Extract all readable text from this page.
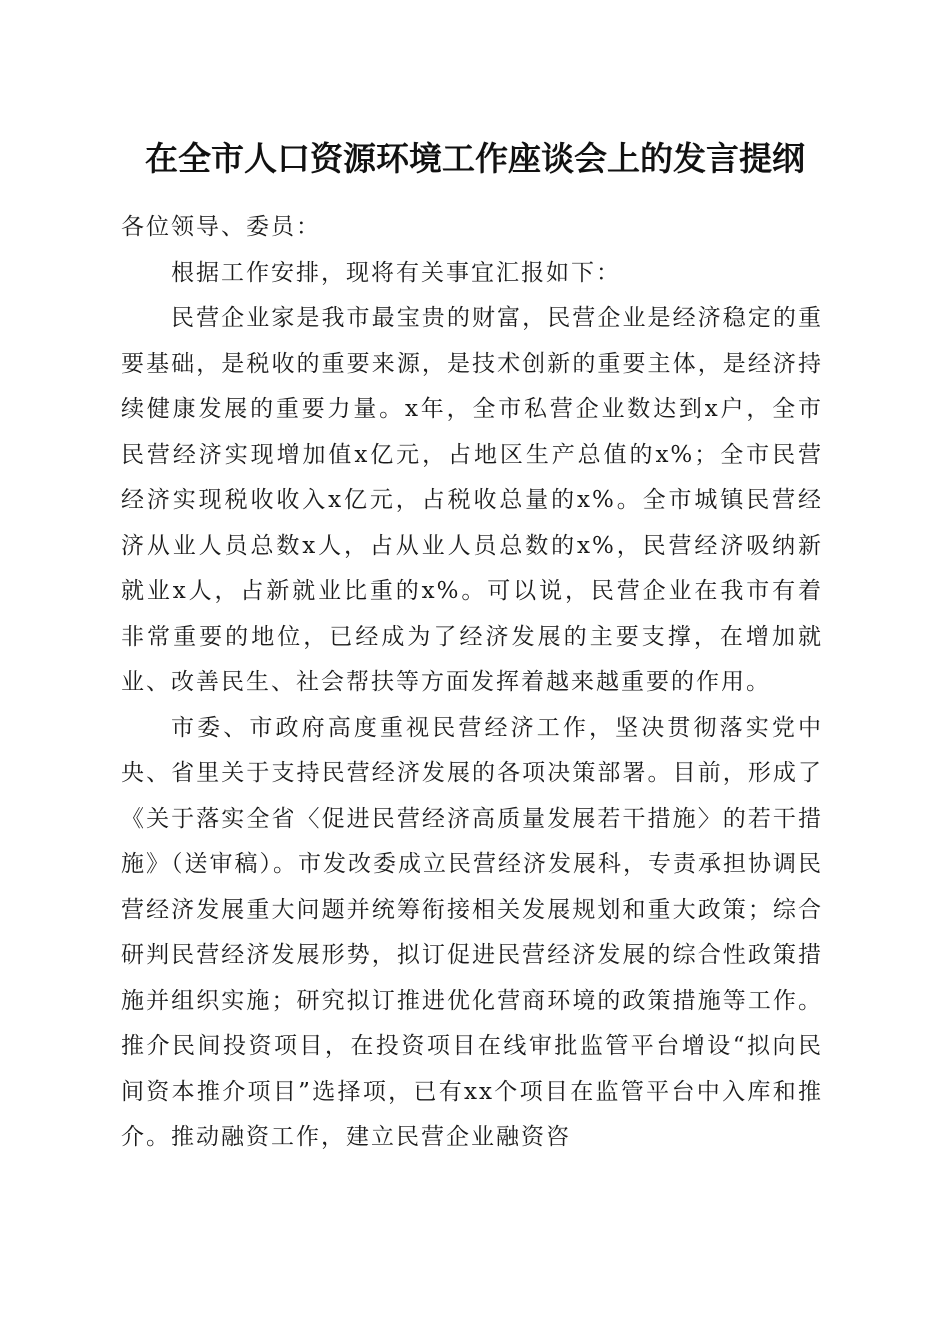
在全市人口资源环境工作座谈会上的发言提纲

各位领导、委员：

根据工作安排，现将有关事宜汇报如下：

民营企业家是我市最宝贵的财富，民营企业是经济稳定的重要基础，是税收的重要来源，是技术创新的重要主体，是经济持续健康发展的重要力量。x年，全市私营企业数达到x户，全市民营经济实现增加值x亿元，占地区生产总值的x%；全市民营经济实现税收收入x亿元，占税收总量的x%。全市城镇民营经济从业人员总数x人，占从业人员总数的x%，民营经济吸纳新就业x人，占新就业比重的x%。可以说，民营企业在我市有着非常重要的地位，已经成为了经济发展的主要支撑，在增加就业、改善民生、社会帮扶等方面发挥着越来越重要的作用。

市委、市政府高度重视民营经济工作，坚决贯彻落实党中央、省里关于支持民营经济发展的各项决策部署。目前，形成了《关于落实全省〈促进民营经济高质量发展若干措施〉的若干措施》（送审稿）。市发改委成立民营经济发展科，专责承担协调民营经济发展重大问题并统筹衔接相关发展规划和重大政策；综合研判民营经济发展形势，拟订促进民营经济发展的综合性政策措施并组织实施；研究拟订推进优化营商环境的政策措施等工作。推介民间投资项目，在投资项目在线审批监管平台增设“拟向民间资本推介项目”选择项，已有xx个项目在监管平台中入库和推介。推动融资工作，建立民营企业融资咨
